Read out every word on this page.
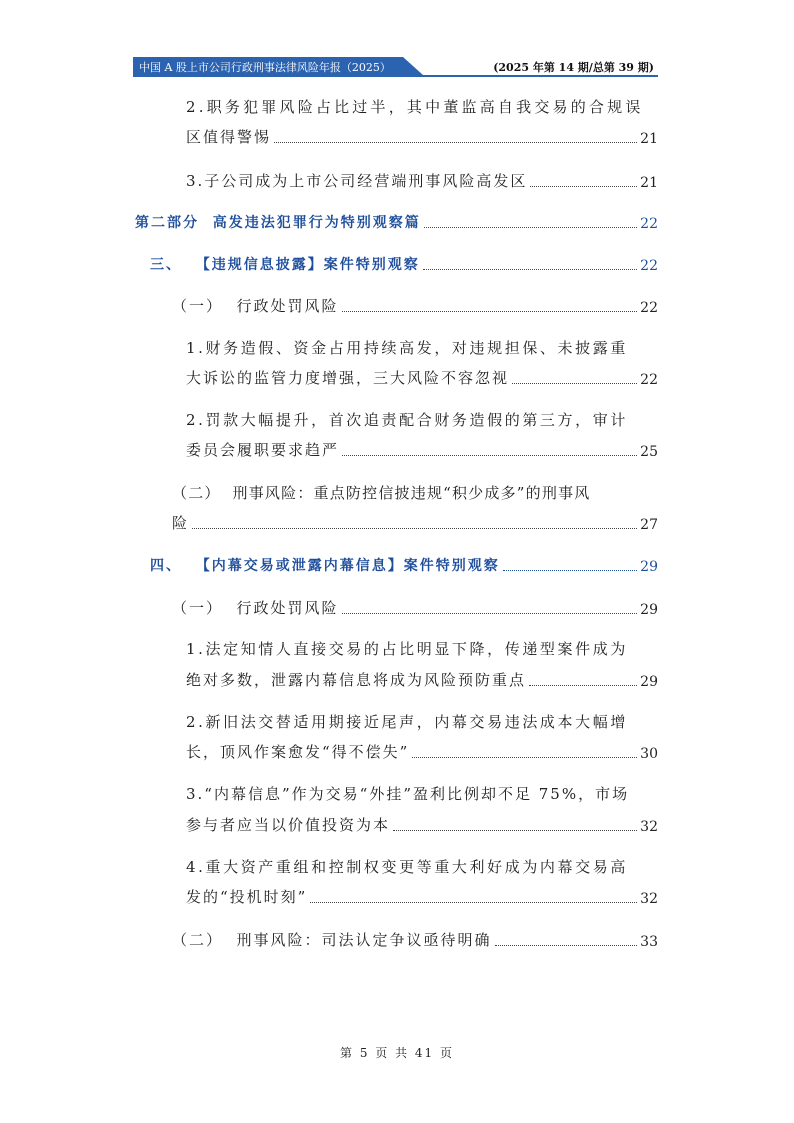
中国 A 股上市公司行政刑事法律风险年报（2025）	(2025 年第 14 期/总第 39 期)
2.职务犯罪风险占比过半，其中董监高自我交易的合规误
区值得警惕	21
3.子公司成为上市公司经营端刑事风险高发区	21
第二部分  高发违法犯罪行为特别观察篇	22
三、  【违规信息披露】案件特别观察	22
（一）  行政处罚风险	22
1.财务造假、资金占用持续高发，对违规担保、未披露重
大诉讼的监管力度增强，三大风险不容忽视	22
2.罚款大幅提升，首次追责配合财务造假的第三方，审计
委员会履职要求趋严	25
（二）  刑事风险：重点防控信披违规“积少成多”的刑事风
险	27
四、  【内幕交易或泄露内幕信息】案件特别观察	29
（一）  行政处罚风险	29
1.法定知情人直接交易的占比明显下降，传递型案件成为
绝对多数，泄露内幕信息将成为风险预防重点	29
2.新旧法交替适用期接近尾声，内幕交易违法成本大幅增
长，顶风作案愈发“得不偿失”	30
3.“内幕信息”作为交易“外挂”盈利比例却不足 75%，市场
参与者应当以价值投资为本	32
4.重大资产重组和控制权变更等重大利好成为内幕交易高
发的“投机时刻”	32
（二）  刑事风险：司法认定争议亟待明确	33
第 5 页 共 41 页
